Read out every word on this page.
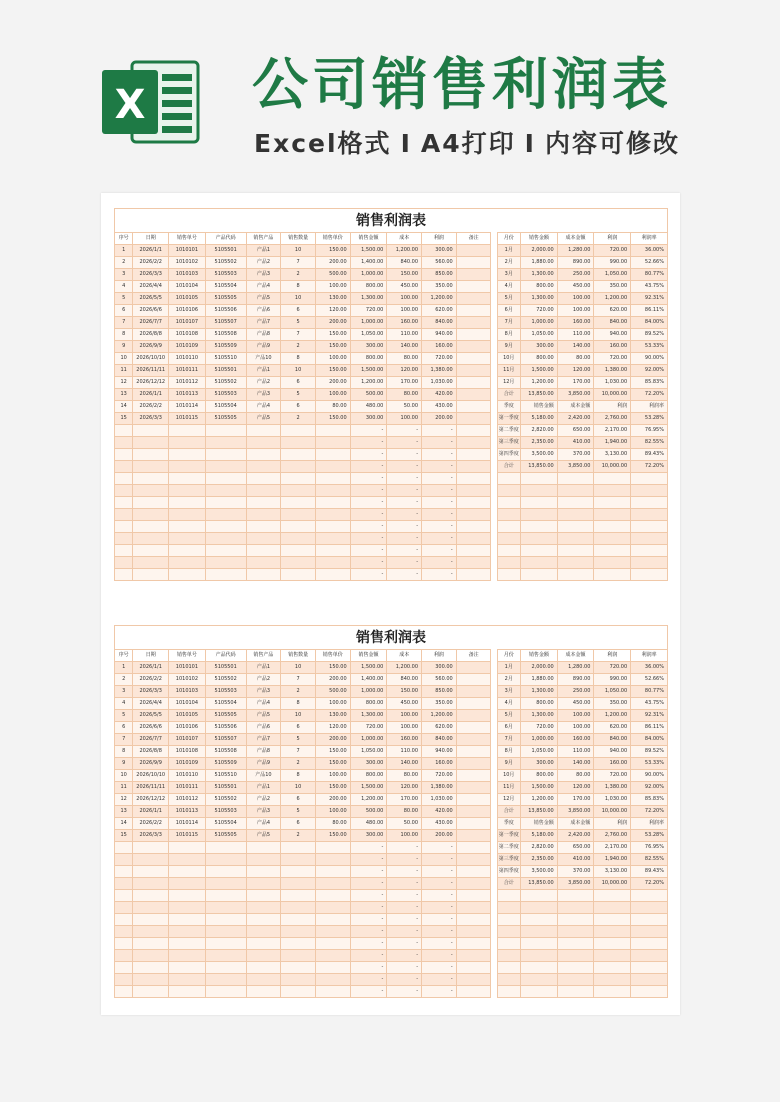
X 公司销售利润表
Excel格式 I A4打印 I 内容可修改
销售利润表
序号	日期	销售单号	产品代码	销售产品	销售数量	销售单价	销售金额	成本	利润	备注		月份	销售金额	成本金额	利润	利润率
1	2026/1/1	1010101	5105501	产品1	10	150.00	1,500.00	1,200.00	300.00			1月	2,000.00	1,280.00	720.00	36.00%
2	2026/2/2	1010102	5105502	产品2	7	200.00	1,400.00	840.00	560.00			2月	1,880.00	890.00	990.00	52.66%
3	2026/3/3	1010103	5105503	产品3	2	500.00	1,000.00	150.00	850.00			3月	1,300.00	250.00	1,050.00	80.77%
4	2026/4/4	1010104	5105504	产品4	8	100.00	800.00	450.00	350.00			4月	800.00	450.00	350.00	43.75%
5	2026/5/5	1010105	5105505	产品5	10	130.00	1,300.00	100.00	1,200.00			5月	1,300.00	100.00	1,200.00	92.31%
6	2026/6/6	1010106	5105506	产品6	6	120.00	720.00	100.00	620.00			6月	720.00	100.00	620.00	86.11%
7	2026/7/7	1010107	5105507	产品7	5	200.00	1,000.00	160.00	840.00			7月	1,000.00	160.00	840.00	84.00%
8	2026/8/8	1010108	5105508	产品8	7	150.00	1,050.00	110.00	940.00			8月	1,050.00	110.00	940.00	89.52%
9	2026/9/9	1010109	5105509	产品9	2	150.00	300.00	140.00	160.00			9月	300.00	140.00	160.00	53.33%
10	2026/10/10	1010110	5105510	产品10	8	100.00	800.00	80.00	720.00			10月	800.00	80.00	720.00	90.00%
11	2026/11/11	1010111	5105501	产品1	10	150.00	1,500.00	120.00	1,380.00			11月	1,500.00	120.00	1,380.00	92.00%
12	2026/12/12	1010112	5105502	产品2	6	200.00	1,200.00	170.00	1,030.00			12月	1,200.00	170.00	1,030.00	85.83%
13	2026/1/1	1010113	5105503	产品3	5	100.00	500.00	80.00	420.00			合计	13,850.00	3,850.00	10,000.00	72.20%
14	2026/2/2	1010114	5105504	产品4	6	80.00	480.00	50.00	430.00			季度	销售金额	成本金额	利润	利润率
15	2026/3/3	1010115	5105505	产品5	2	150.00	300.00	100.00	200.00			第一季度	5,180.00	2,420.00	2,760.00	53.28%
							-	-	-			第二季度	2,820.00	650.00	2,170.00	76.95%
							-	-	-			第三季度	2,350.00	410.00	1,940.00	82.55%
							-	-	-			第四季度	3,500.00	370.00	3,130.00	89.43%
							-	-	-			合计	13,850.00	3,850.00	10,000.00	72.20%
							-	-	-							
							-	-	-							
							-	-	-							
							-	-	-							
							-	-	-							
							-	-	-							
							-	-	-							
							-	-	-							
							-	-	-							
销售利润表
序号	日期	销售单号	产品代码	销售产品	销售数量	销售单价	销售金额	成本	利润	备注		月份	销售金额	成本金额	利润	利润率
1	2026/1/1	1010101	5105501	产品1	10	150.00	1,500.00	1,200.00	300.00			1月	2,000.00	1,280.00	720.00	36.00%
2	2026/2/2	1010102	5105502	产品2	7	200.00	1,400.00	840.00	560.00			2月	1,880.00	890.00	990.00	52.66%
3	2026/3/3	1010103	5105503	产品3	2	500.00	1,000.00	150.00	850.00			3月	1,300.00	250.00	1,050.00	80.77%
4	2026/4/4	1010104	5105504	产品4	8	100.00	800.00	450.00	350.00			4月	800.00	450.00	350.00	43.75%
5	2026/5/5	1010105	5105505	产品5	10	130.00	1,300.00	100.00	1,200.00			5月	1,300.00	100.00	1,200.00	92.31%
6	2026/6/6	1010106	5105506	产品6	6	120.00	720.00	100.00	620.00			6月	720.00	100.00	620.00	86.11%
7	2026/7/7	1010107	5105507	产品7	5	200.00	1,000.00	160.00	840.00			7月	1,000.00	160.00	840.00	84.00%
8	2026/8/8	1010108	5105508	产品8	7	150.00	1,050.00	110.00	940.00			8月	1,050.00	110.00	940.00	89.52%
9	2026/9/9	1010109	5105509	产品9	2	150.00	300.00	140.00	160.00			9月	300.00	140.00	160.00	53.33%
10	2026/10/10	1010110	5105510	产品10	8	100.00	800.00	80.00	720.00			10月	800.00	80.00	720.00	90.00%
11	2026/11/11	1010111	5105501	产品1	10	150.00	1,500.00	120.00	1,380.00			11月	1,500.00	120.00	1,380.00	92.00%
12	2026/12/12	1010112	5105502	产品2	6	200.00	1,200.00	170.00	1,030.00			12月	1,200.00	170.00	1,030.00	85.83%
13	2026/1/1	1010113	5105503	产品3	5	100.00	500.00	80.00	420.00			合计	13,850.00	3,850.00	10,000.00	72.20%
14	2026/2/2	1010114	5105504	产品4	6	80.00	480.00	50.00	430.00			季度	销售金额	成本金额	利润	利润率
15	2026/3/3	1010115	5105505	产品5	2	150.00	300.00	100.00	200.00			第一季度	5,180.00	2,420.00	2,760.00	53.28%
							-	-	-			第二季度	2,820.00	650.00	2,170.00	76.95%
							-	-	-			第三季度	2,350.00	410.00	1,940.00	82.55%
							-	-	-			第四季度	3,500.00	370.00	3,130.00	89.43%
							-	-	-			合计	13,850.00	3,850.00	10,000.00	72.20%
							-	-	-							
							-	-	-							
							-	-	-							
							-	-	-							
							-	-	-							
							-	-	-							
							-	-	-							
							-	-	-							
							-	-	-							
